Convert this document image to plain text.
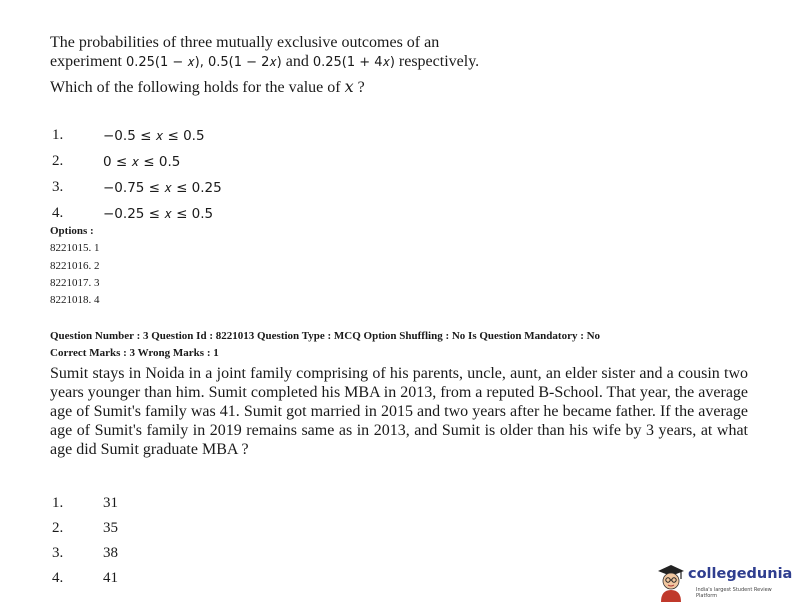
The probabilities of three mutually exclusive outcomes of an
experiment 0.25(1 − 𝑥), 0.5(1 − 2𝑥) and 0.25(1 + 4𝑥) respectively.
Which of the following holds for the value of 𝑥 ?
1.	−0.5 ≤ 𝑥 ≤ 0.5
2.	0 ≤ 𝑥 ≤ 0.5
3.	−0.75 ≤ 𝑥 ≤ 0.25
4.	−0.25 ≤ 𝑥 ≤ 0.5
Options :
8221015. 1
8221016. 2
8221017. 3
8221018. 4
Question Number : 3 Question Id : 8221013 Question Type : MCQ Option Shuffling : No Is Question Mandatory : No
Correct Marks : 3 Wrong Marks : 1
Sumit stays in Noida in a joint family comprising of his parents, uncle, aunt, an elder sister and a cousin two years younger than him. Sumit completed his MBA in 2013, from a reputed B-School. That year, the average age of Sumit's family was 41. Sumit got married in 2015 and two years after he became father. If the average age of Sumit's family in 2019 remains same as in 2013, and Sumit is older than his wife by 3 years, at what age did Sumit graduate MBA ?
1.	31
2.	35
3.	38
4.	41	collegedunia
India's largest Student Review Platform
